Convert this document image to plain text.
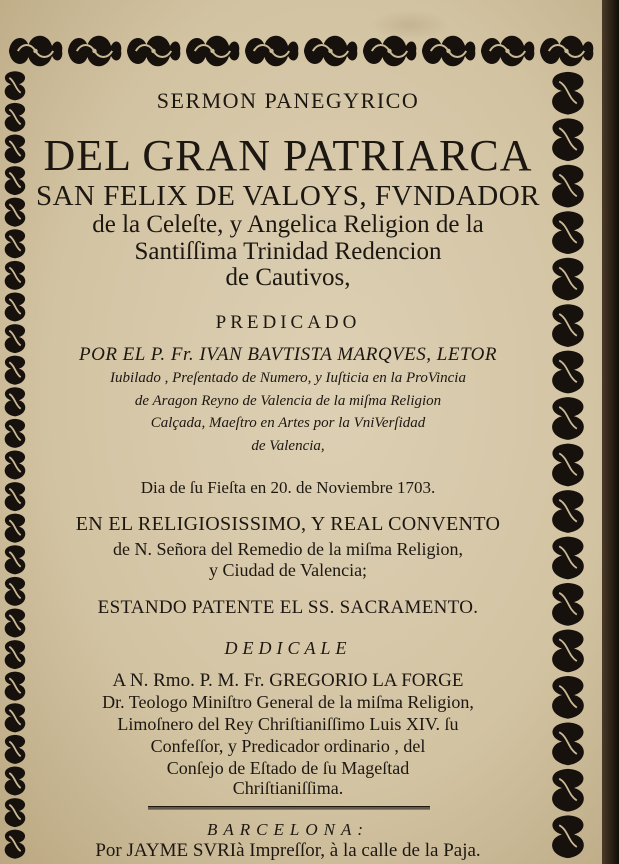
SERMON PANEGYRICO
DEL GRAN PATRIARCA
SAN FELIX DE VALOYS, FVNDADOR
de la Celeſte, y Angelica Religion de la
Santiſſima Trinidad Redencion
de Cautivos,
PREDICADO
POR EL P. Fr. IVAN BAVTISTA MARQVES, LETOR
Iubilado , Preſentado de Numero, y Iuſticia en la ProVincia
de Aragon Reyno de Valencia de la miſma Religion
Calçada, Maeſtro en Artes por la VniVerſidad
de Valencia,
Dia de ſu Fieſta en 20. de Noviembre 1703.
EN EL RELIGIOSISSIMO, Y REAL CONVENTO
de N. Señora del Remedio de la miſma Religion,
y Ciudad de Valencia;
ESTANDO PATENTE EL SS. SACRAMENTO.
DEDICALE
A N. Rmo. P. M. Fr. GREGORIO LA FORGE
Dr. Teologo Miniſtro General de la miſma Religion,
Limoſnero del Rey Chriſtianiſſimo Luis XIV. ſu
Confeſſor, y Predicador ordinario , del
Conſejo de Eſtado de ſu Mageſtad
Chriſtianiſſima.
BARCELONA:
Por JAYME SVRIà Impreſſor, à la calle de la Paja.
